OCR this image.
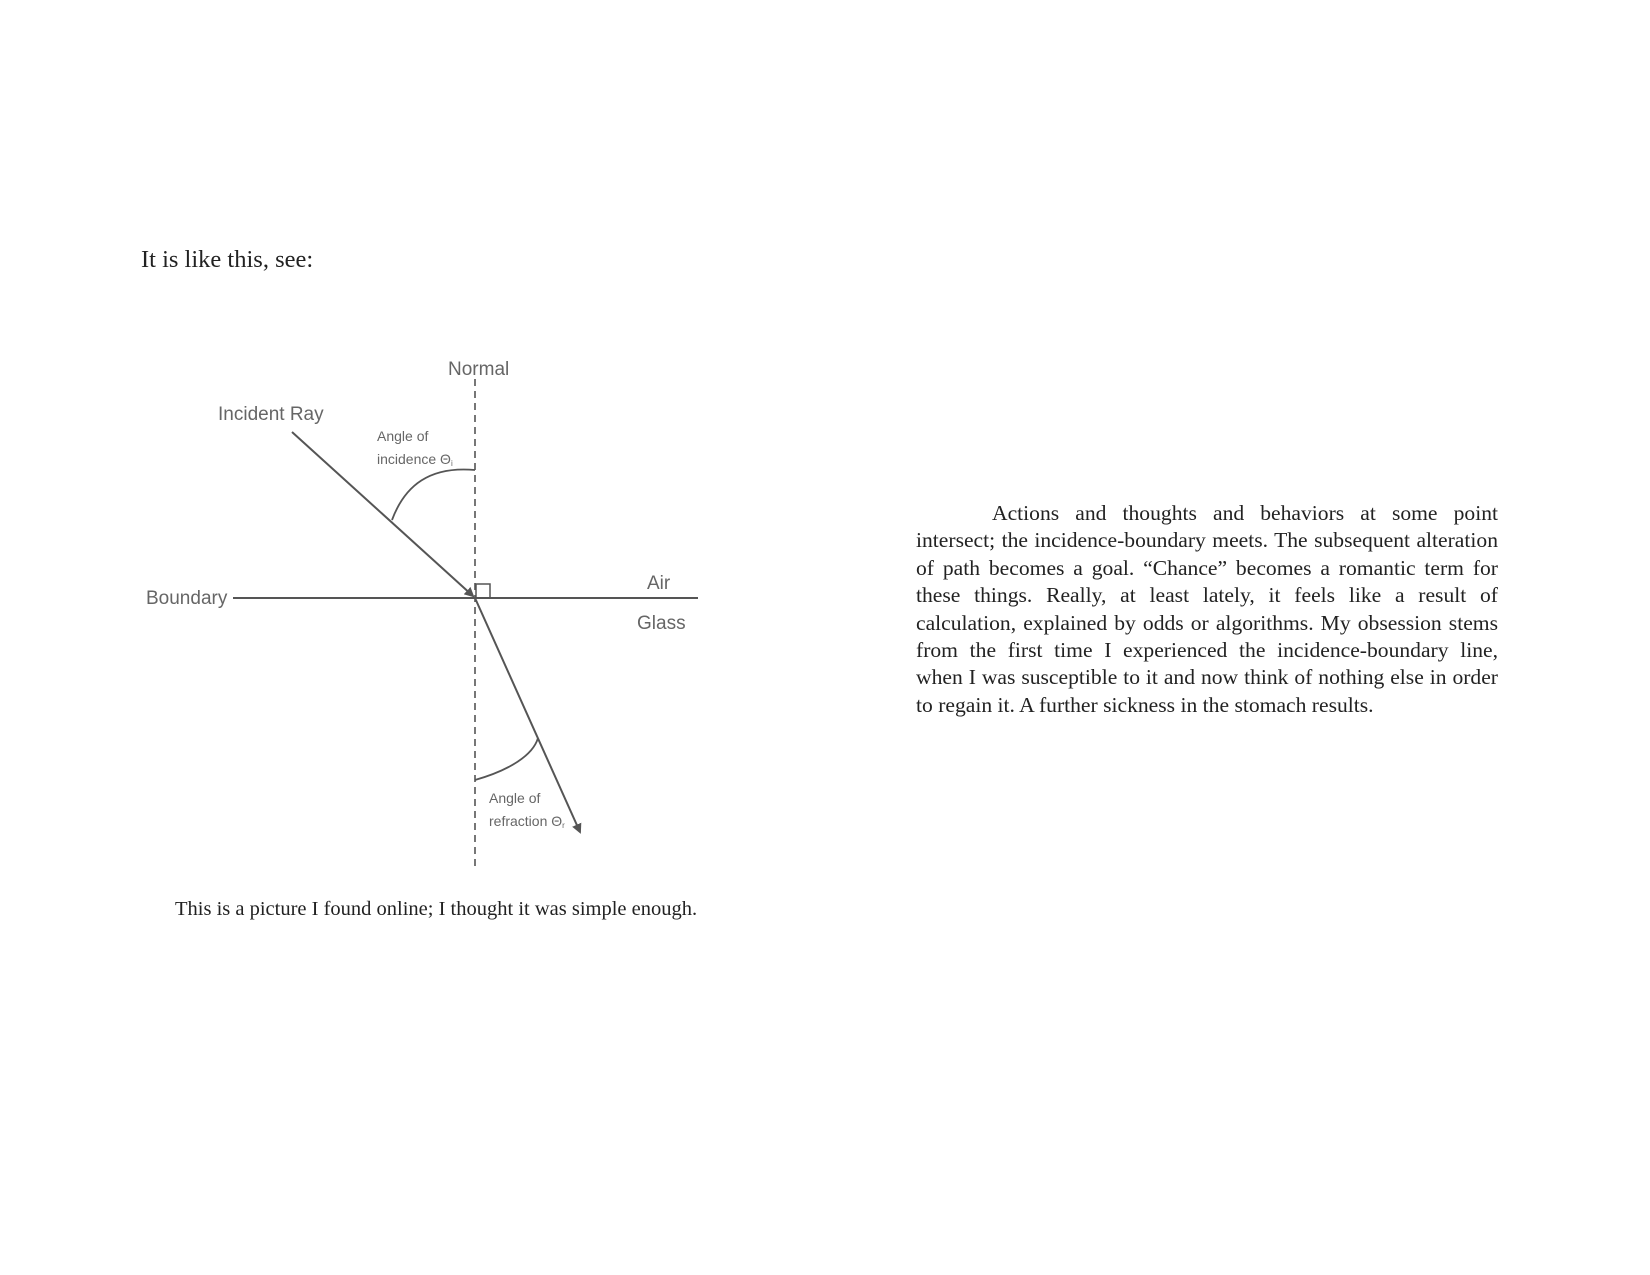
It is like this, see:
Normal
Incident Ray
Angle of
incidence Θi
Boundary
Air
Glass
Angle of
refraction Θr
This is a picture I found online; I thought it was simple enough.

Actions and thoughts and behaviors at some point intersect; the incidence-boundary meets. The subsequent alteration of path becomes a goal. “Chance” becomes a romantic term for these things. Really, at least lately, it feels like a result of calculation, explained by odds or algorithms. My obsession stems from the first time I experienced the incidence-boundary line, when I was susceptible to it and now think of nothing else in order to regain it. A further sickness in the stomach results.
